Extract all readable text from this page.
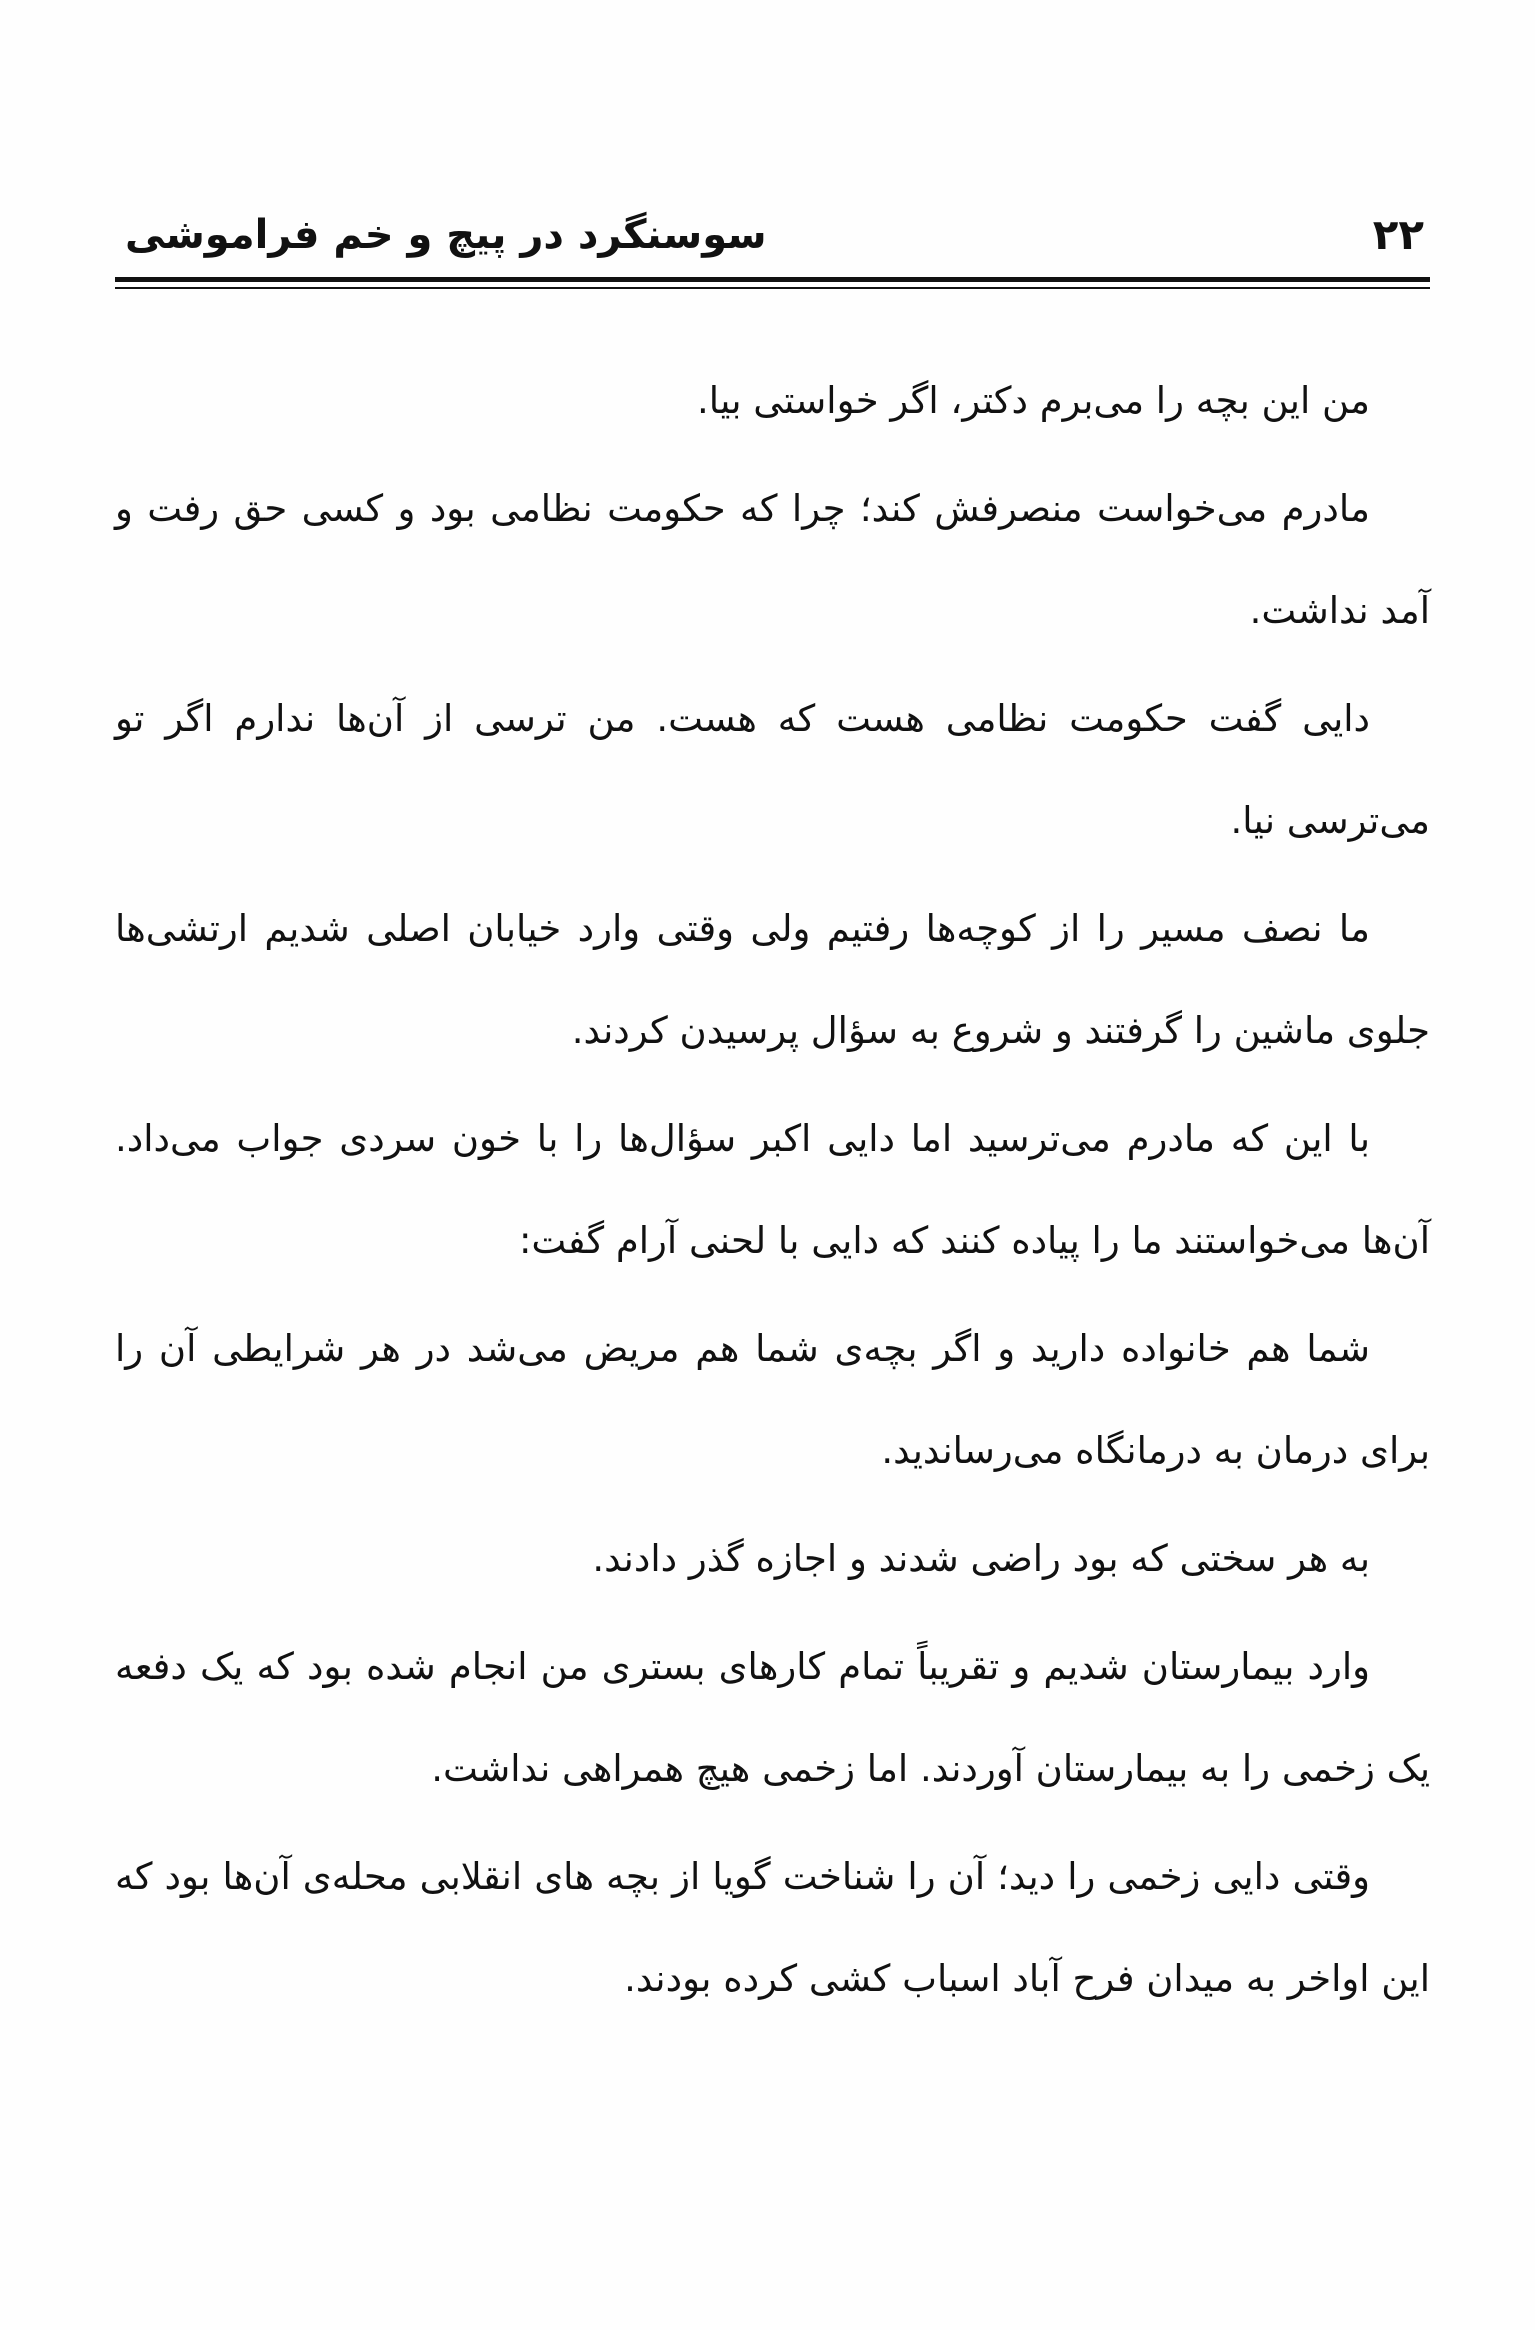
۲۲
سوسنگرد در پیچ و خم فراموشی

من این بچه را می‌برم دکتر، اگر خواستی بیا.

مادرم می‌خواست منصرفش کند؛ چرا که حکومت نظامی بود و کسی حق رفت و آمد نداشت.

دایی گفت حکومت نظامی هست که هست. من ترسی از آن‌ها ندارم اگر تو می‌ترسی نیا.

ما نصف مسیر را از کوچه‌ها رفتیم ولی وقتی وارد خیابان اصلی شدیم ارتشی‌ها جلوی ماشین را گرفتند و شروع به سؤال پرسیدن کردند.

با این که مادرم می‌ترسید اما دایی اکبر سؤال‌ها را با خون سردی جواب می‌داد. آن‌ها می‌خواستند ما را پیاده کنند که دایی با لحنی آرام گفت:

شما هم خانواده دارید و اگر بچه‌ی شما هم مریض می‌شد در هر شرایطی آن را برای درمان به درمانگاه می‌رساندید.

به هر سختی که بود راضی شدند و اجازه گذر دادند.

وارد بیمارستان شدیم و تقریباً تمام کارهای بستری من انجام شده بود که یک دفعه یک زخمی را به بیمارستان آوردند. اما زخمی هیچ همراهی نداشت.

وقتی دایی زخمی را دید؛ آن را شناخت گویا از بچه های انقلابی محله‌ی آن‌ها بود که این اواخر به میدان فرح آباد اسباب کشی کرده بودند.
